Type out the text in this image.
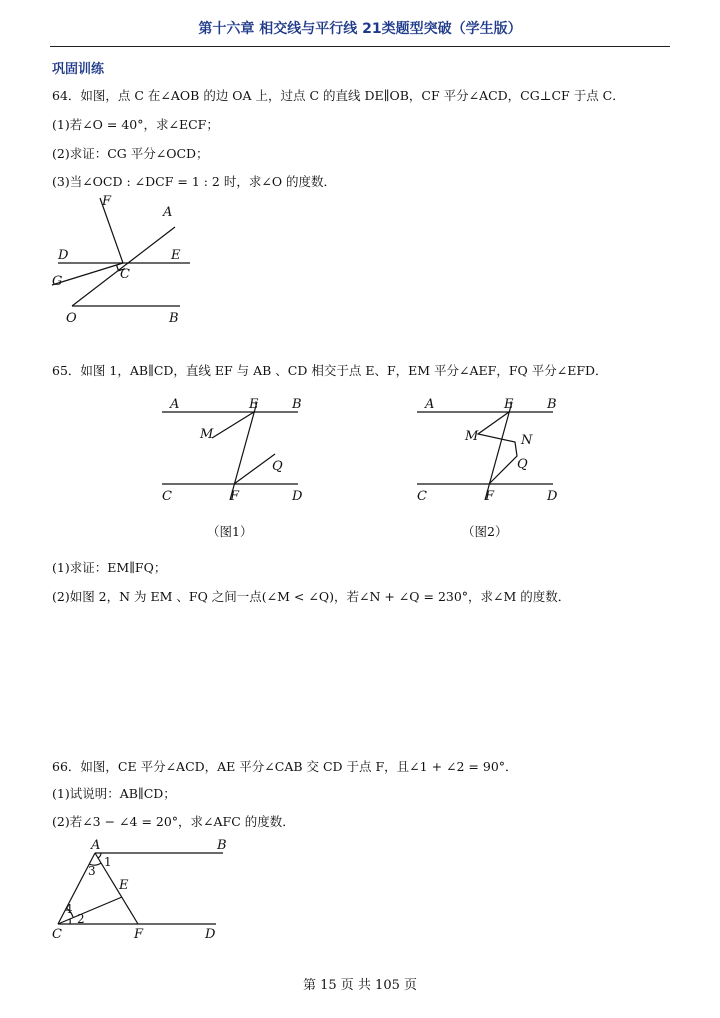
第十六章 相交线与平行线 21类题型突破（学生版）
巩固训练
64．如图，点 C 在∠AOB 的边 OA 上，过点 C 的直线 DE∥OB，CF 平分∠ACD，CG⊥CF 于点 C．
(1)若∠O = 40°，求∠ECF；
(2)求证：CG 平分∠OCD；
(3)当∠OCD : ∠DCF = 1 : 2 时，求∠O 的度数．
F
A
D	E
G	C
O	B
65．如图 1，AB∥CD，直线 EF 与 AB 、CD 相交于点 E、F，EM 平分∠AEF，FQ 平分∠EFD．
A	E	B
M
Q
C	F	D
（图1）
A	E	B
M	N
Q
C	F	D
（图2）
(1)求证：EM∥FQ；
(2)如图 2，N 为 EM 、FQ 之间一点(∠M < ∠Q)，若∠N + ∠Q = 230°，求∠M 的度数．
66．如图，CE 平分∠ACD，AE 平分∠CAB 交 CD 于点 F，且∠1 + ∠2 = 90°．
(1)试说明：AB∥CD；
(2)若∠3 − ∠4 = 20°，求∠AFC 的度数．
A	B
E
C	F	D
1
3
4
2
第 15 页 共 105 页
